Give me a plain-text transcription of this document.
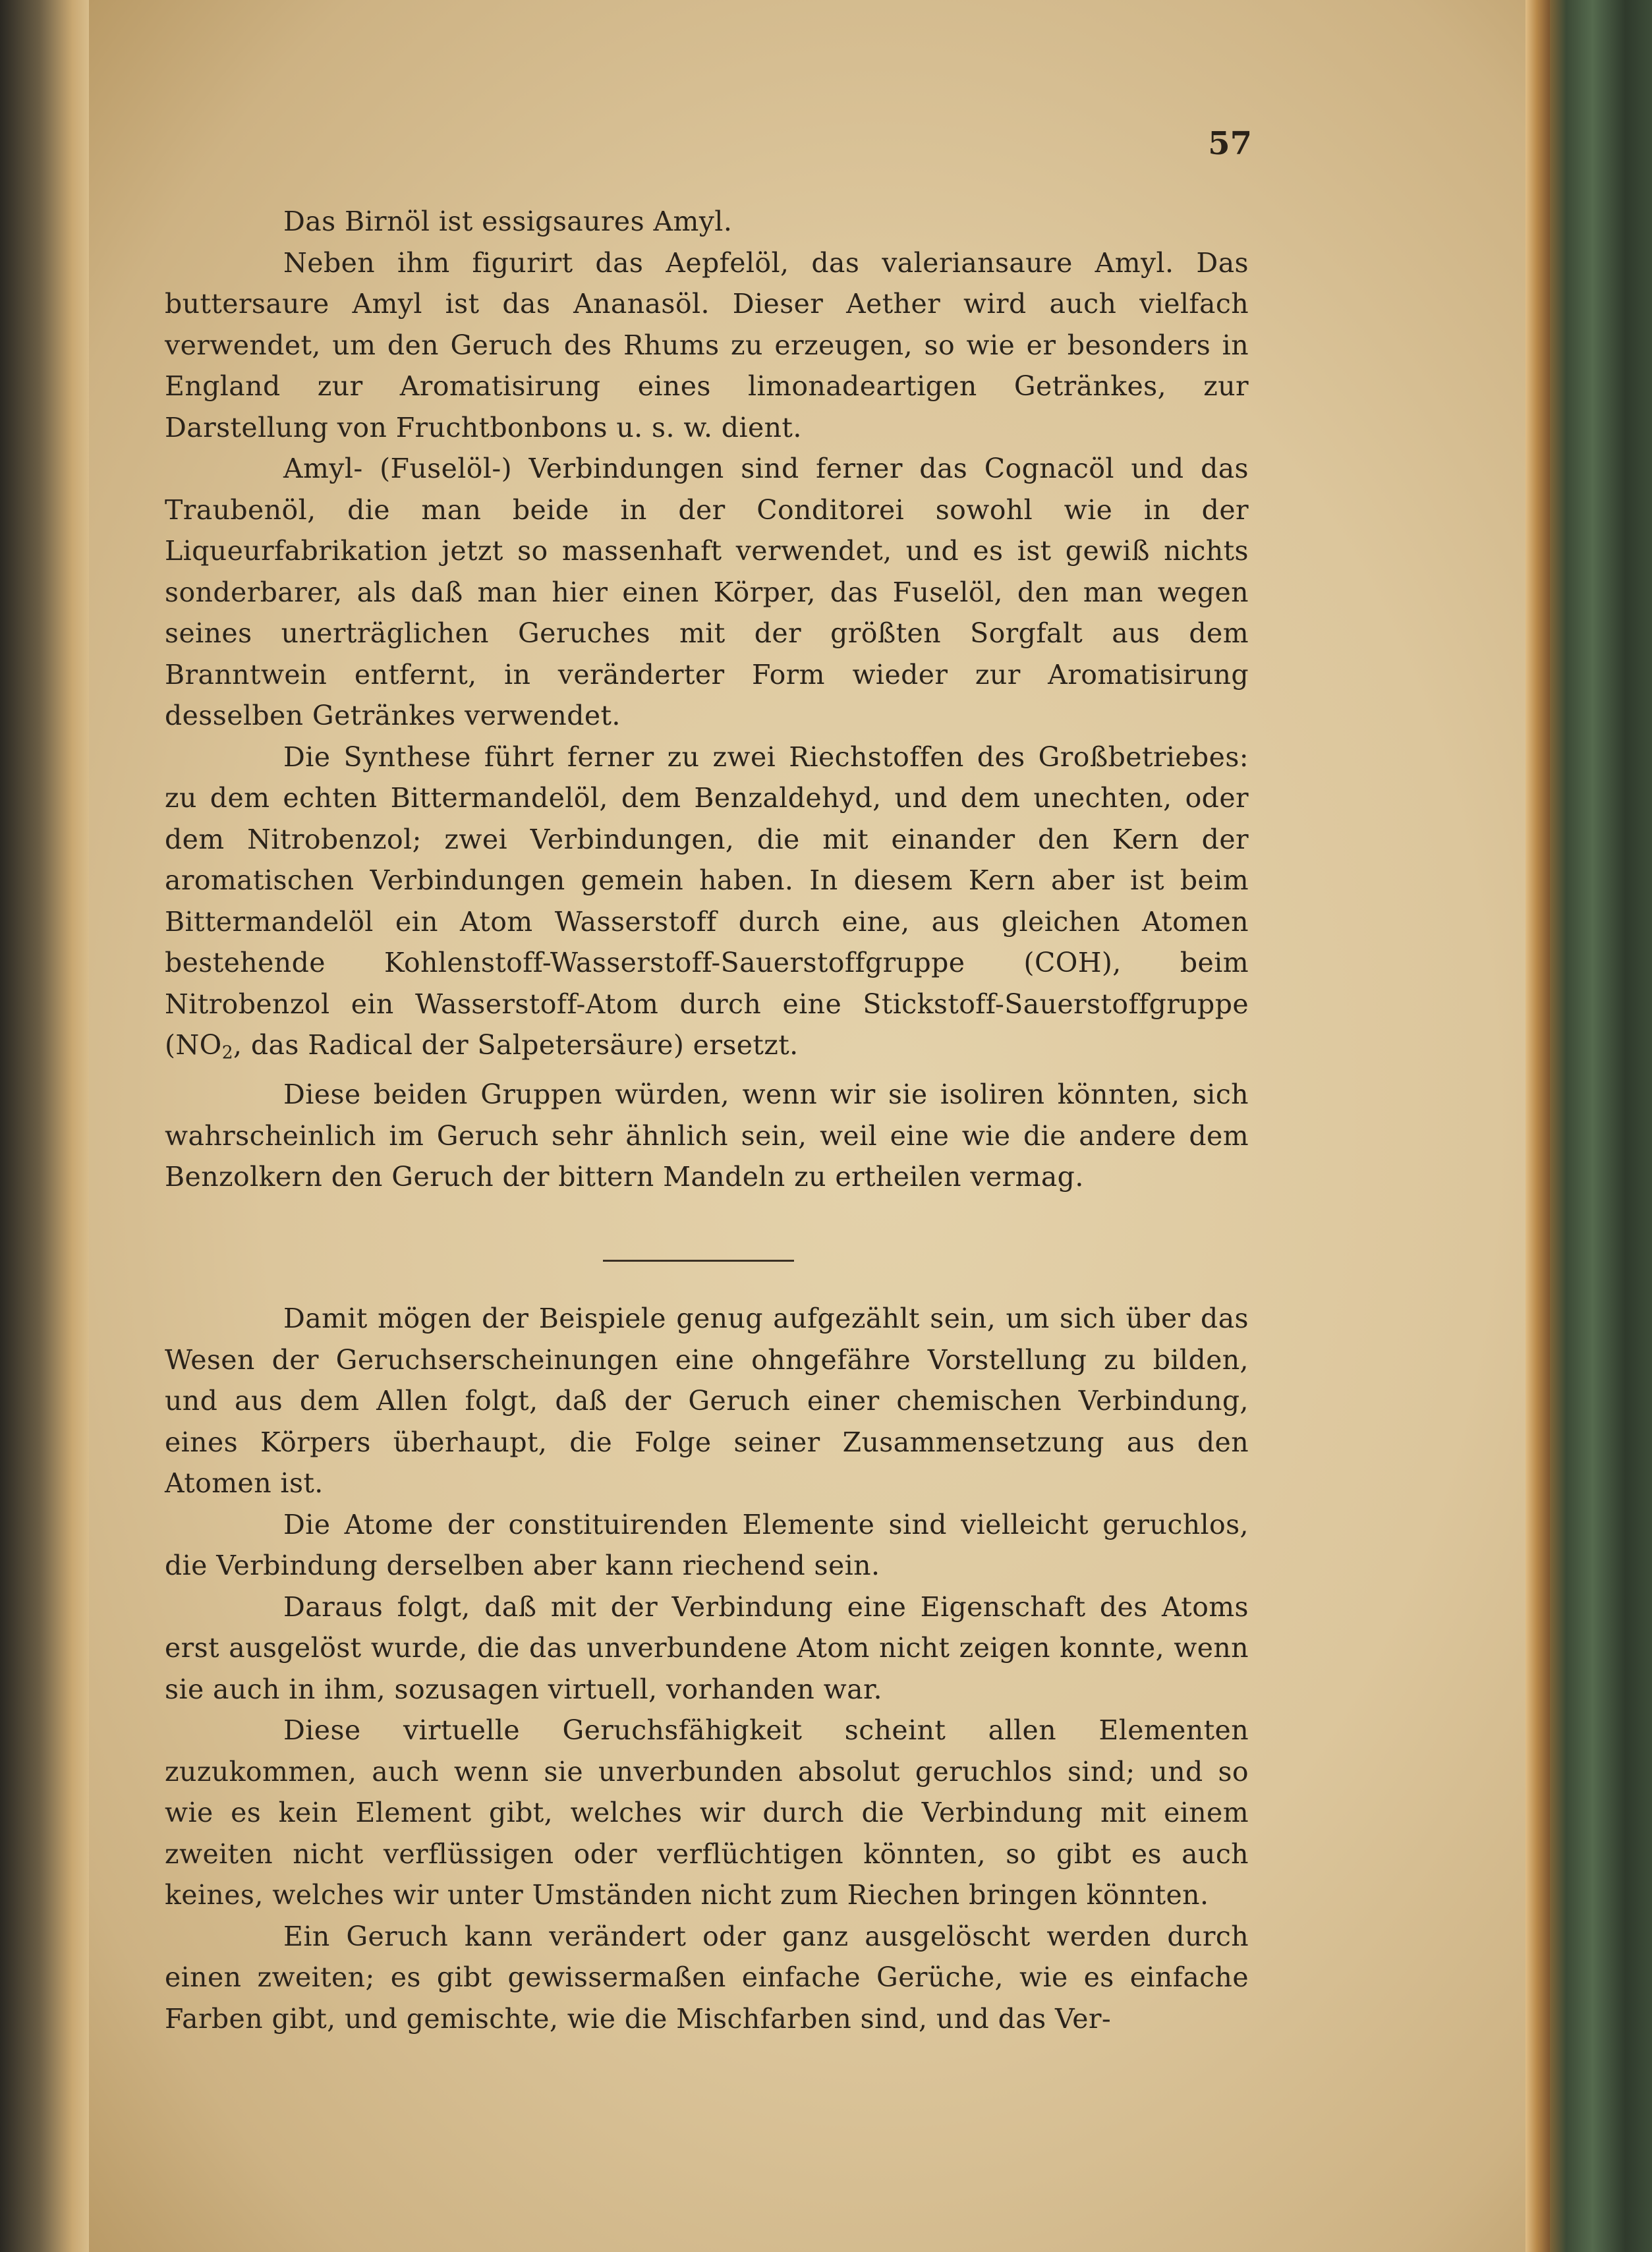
57

Das Birnöl ist essigsaures Amyl.

Neben ihm figurirt das Aepfelöl, das valeriansaure Amyl. Das buttersaure Amyl ist das Ananasöl. Dieser Aether wird auch vielfach verwendet, um den Geruch des Rhums zu erzeugen, so wie er besonders in England zur Aromatisirung eines limonadeartigen Getränkes, zur Darstellung von Fruchtbonbons u. s. w. dient.

Amyl- (Fuselöl-) Verbindungen sind ferner das Cognacöl und das Traubenöl, die man beide in der Conditorei sowohl wie in der Liqueurfabrikation jetzt so massenhaft verwendet, und es ist gewiß nichts sonderbarer, als daß man hier einen Körper, das Fuselöl, den man wegen seines unerträglichen Geruches mit der größten Sorgfalt aus dem Branntwein entfernt, in veränderter Form wieder zur Aromatisirung desselben Getränkes verwendet.

Die Synthese führt ferner zu zwei Riechstoffen des Großbetriebes: zu dem echten Bittermandelöl, dem Benzaldehyd, und dem unechten, oder dem Nitrobenzol; zwei Verbindungen, die mit einander den Kern der aromatischen Verbindungen gemein haben. In diesem Kern aber ist beim Bittermandelöl ein Atom Wasserstoff durch eine, aus gleichen Atomen bestehende Kohlenstoff-Wasserstoff-Sauerstoffgruppe (COH), beim Nitrobenzol ein Wasserstoff-Atom durch eine Stickstoff-Sauerstoffgruppe ($NO_2$, das Radical der Salpetersäure) ersetzt.

Diese beiden Gruppen würden, wenn wir sie isoliren könnten, sich wahrscheinlich im Geruch sehr ähnlich sein, weil eine wie die andere dem Benzolkern den Geruch der bittern Mandeln zu ertheilen vermag.

Damit mögen der Beispiele genug aufgezählt sein, um sich über das Wesen der Geruchserscheinungen eine ohngefähre Vorstellung zu bilden, und aus dem Allen folgt, daß der Geruch einer chemischen Verbindung, eines Körpers überhaupt, die Folge seiner Zusammensetzung aus den Atomen ist.

Die Atome der constituirenden Elemente sind vielleicht geruchlos, die Verbindung derselben aber kann riechend sein.

Daraus folgt, daß mit der Verbindung eine Eigenschaft des Atoms erst ausgelöst wurde, die das unverbundene Atom nicht zeigen konnte, wenn sie auch in ihm, sozusagen virtuell, vorhanden war.

Diese virtuelle Geruchsfähigkeit scheint allen Elementen zuzukommen, auch wenn sie unverbunden absolut geruchlos sind; und so wie es kein Element gibt, welches wir durch die Verbindung mit einem zweiten nicht verflüssigen oder verflüchtigen könnten, so gibt es auch keines, welches wir unter Umständen nicht zum Riechen bringen könnten.

Ein Geruch kann verändert oder ganz ausgelöscht werden durch einen zweiten; es gibt gewissermaßen einfache Gerüche, wie es einfache Farben gibt, und gemischte, wie die Mischfarben sind, und das Ver-
